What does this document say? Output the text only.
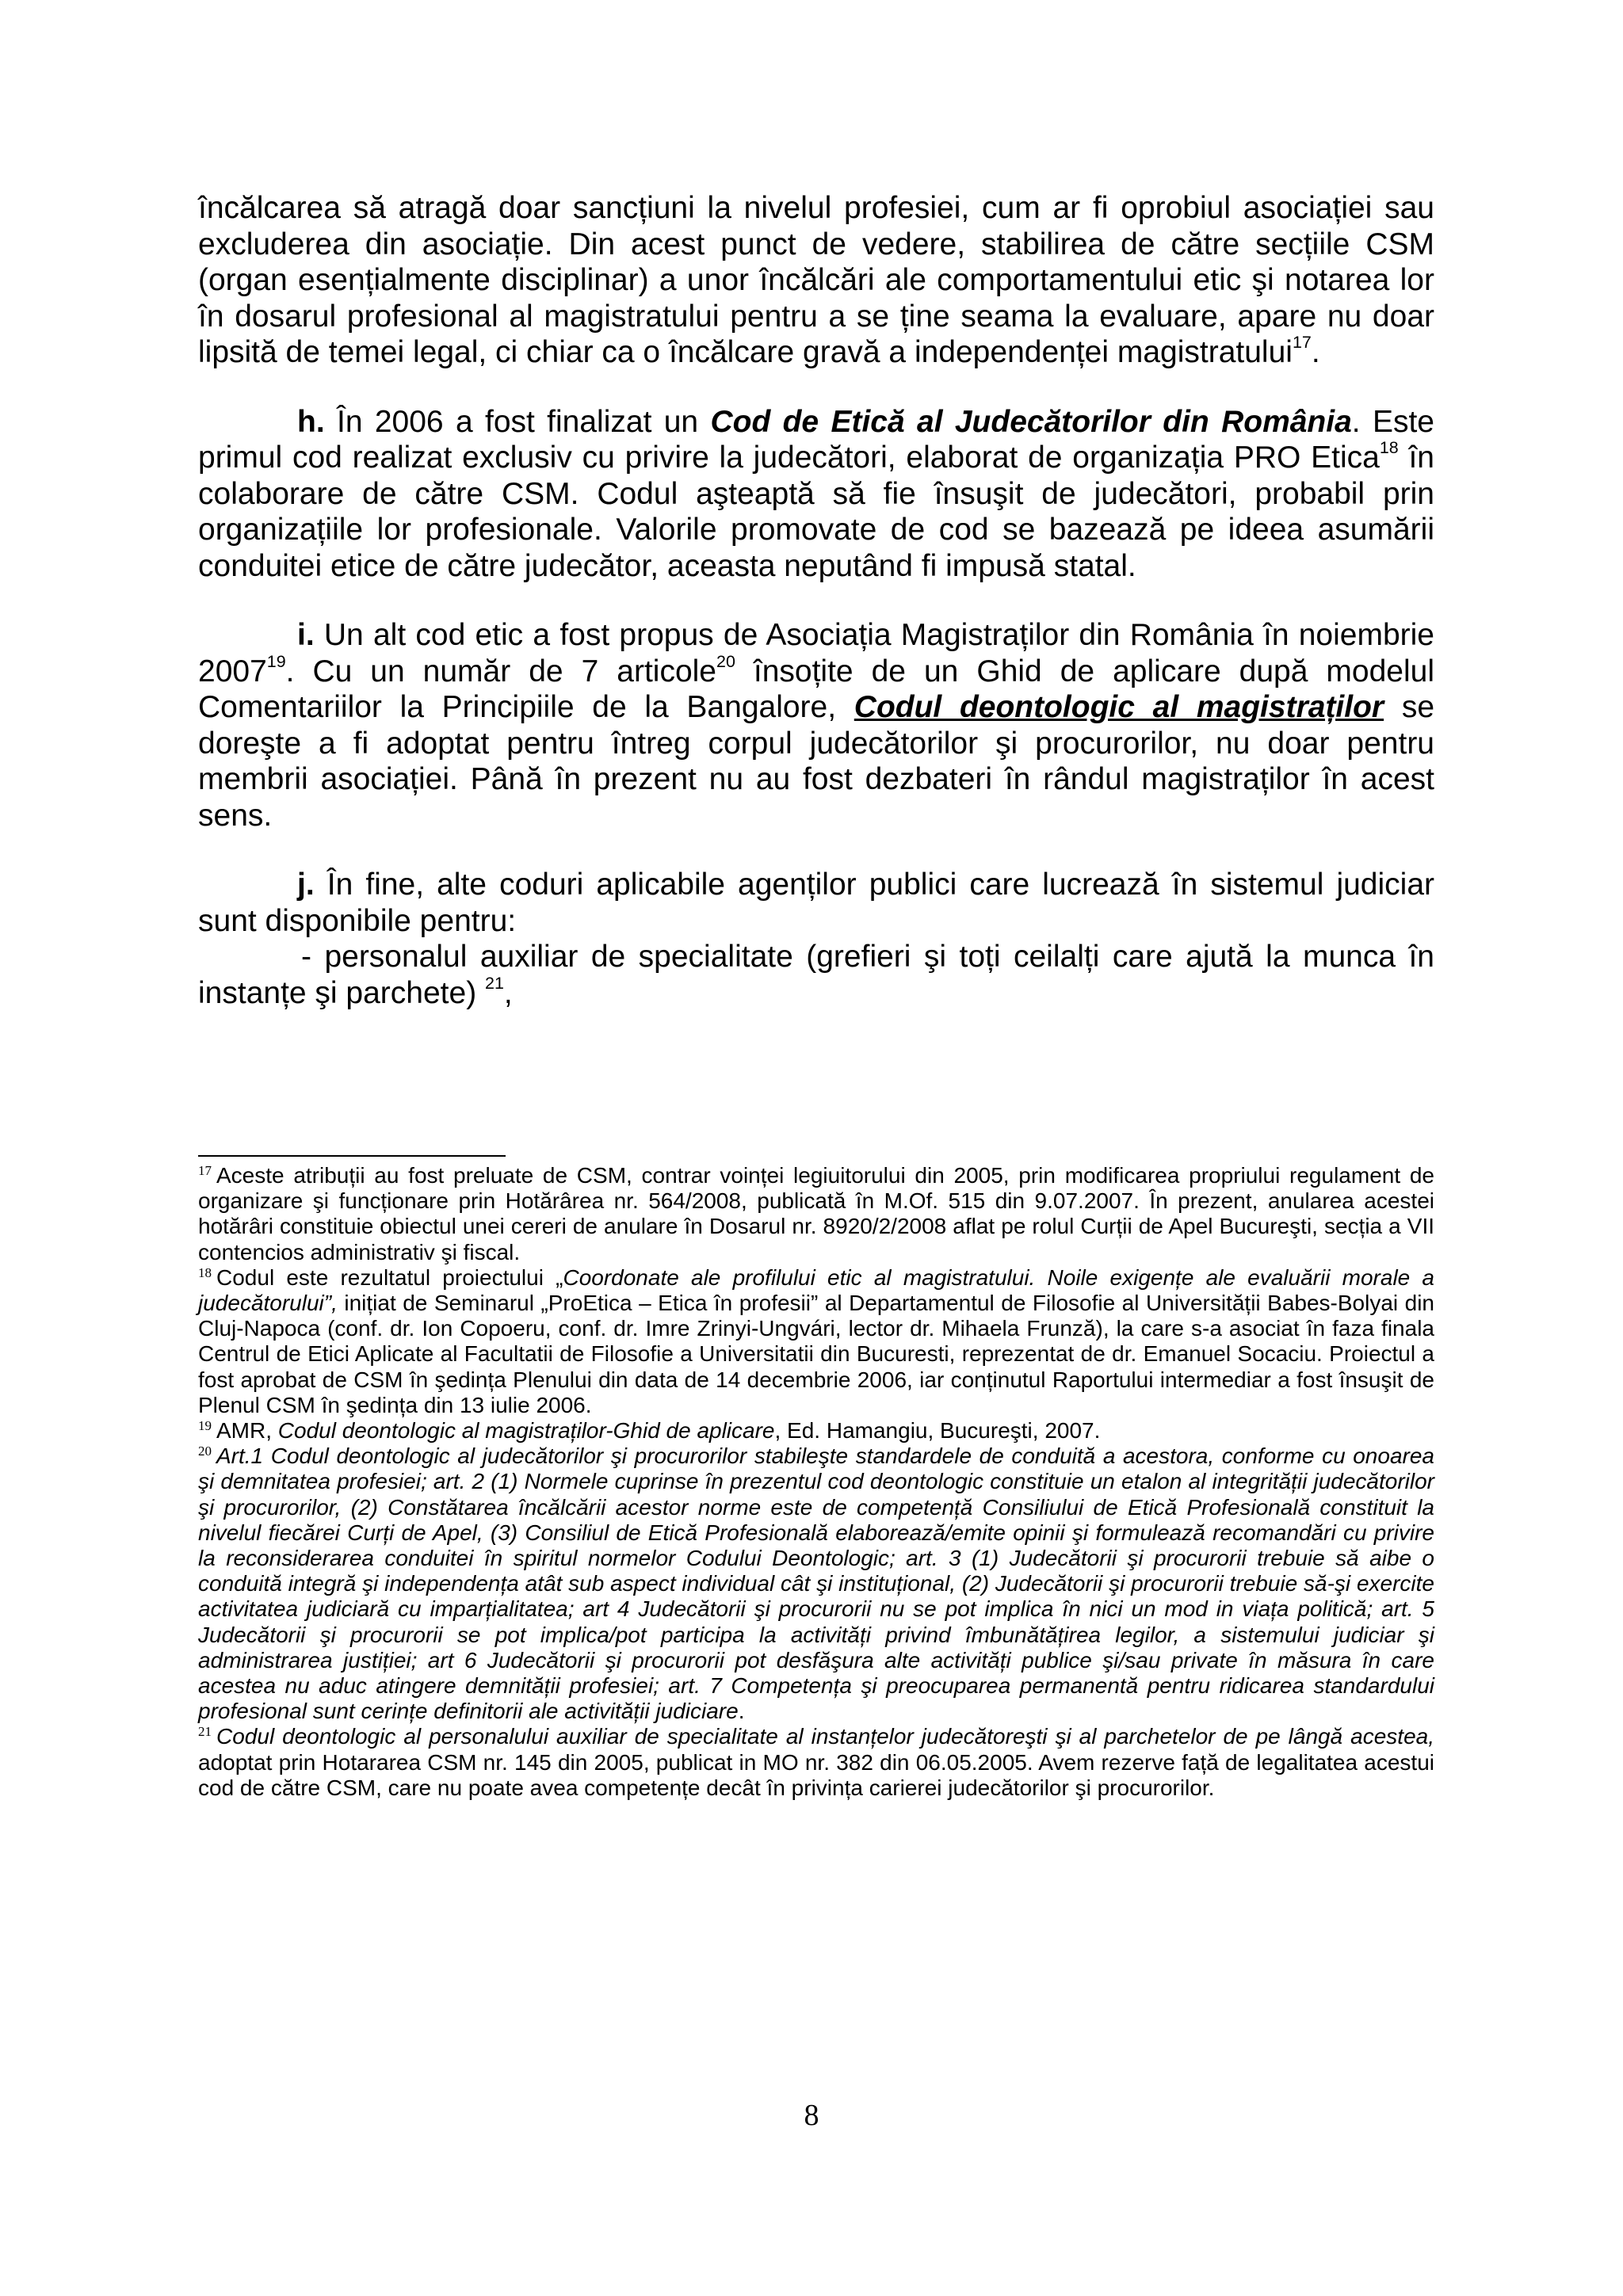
încălcarea să atragă doar sancțiuni la nivelul profesiei, cum ar fi oprobiul asociației sau excluderea din asociație. Din acest punct de vedere, stabilirea de către secțiile CSM (organ esențialmente disciplinar) a unor încălcări ale comportamentului etic şi notarea lor în dosarul profesional al magistratului pentru a se ține seama la evaluare, apare nu doar lipsită de temei legal, ci chiar ca o încălcare gravă a independenței magistratului$^{17}$.

h. În 2006 a fost finalizat un Cod de Etică al Judecătorilor din România. Este primul cod realizat exclusiv cu privire la judecători, elaborat de organizația PRO Etica$^{18}$ în colaborare de către CSM. Codul aşteaptă să fie însuşit de judecători, probabil prin organizațiile lor profesionale. Valorile promovate de cod se bazează pe ideea asumării conduitei etice de către judecător, aceasta neputând fi impusă statal.

i. Un alt cod etic a fost propus de Asociația Magistraților din România în noiembrie 2007$^{19}$. Cu un număr de 7 articole$^{20}$ însoțite de un Ghid de aplicare după modelul Comentariilor la Principiile de la Bangalore, Codul deontologic al magistraților se doreşte a fi adoptat pentru întreg corpul judecătorilor şi procurorilor, nu doar pentru membrii asociației. Până în prezent nu au fost dezbateri în rândul magistraților în acest sens.

j. În fine, alte coduri aplicabile agenților publici care lucrează în sistemul judiciar sunt disponibile pentru:

- personalul auxiliar de specialitate (grefieri şi toți ceilalți care ajută la munca în instanțe şi parchete) $^{21}$,

$^{17}$ Aceste atribuții au fost preluate de CSM, contrar voinței legiuitorului din 2005, prin modificarea propriului regulament de organizare şi funcționare prin Hotărârea nr. 564/2008, publicată în M.Of. 515 din 9.07.2007. În prezent, anularea acestei hotărâri constituie obiectul unei cereri de anulare în Dosarul nr. 8920/2/2008 aflat pe rolul Curții de Apel Bucureşti, secția a VII contencios administrativ şi fiscal.

$^{18}$ Codul este rezultatul proiectului „Coordonate ale profilului etic al magistratului. Noile exigențe ale evaluării morale a judecătorului”, inițiat de Seminarul „ProEtica – Etica în profesii” al Departamentul de Filosofie al Universității Babes-Bolyai din Cluj-Napoca (conf. dr. Ion Copoeru, conf. dr. Imre Zrinyi-Ungvári, lector dr. Mihaela Frunză), la care s-a asociat în faza finala Centrul de Etici Aplicate al Facultatii de Filosofie a Universitatii din Bucuresti, reprezentat de dr. Emanuel Socaciu. Proiectul a fost aprobat de CSM în şedința Plenului din data de 14 decembrie 2006, iar conținutul Raportului intermediar a fost însuşit de Plenul CSM în şedința din 13 iulie 2006.

$^{19}$ AMR, Codul deontologic al magistraților-Ghid de aplicare, Ed. Hamangiu, Bucureşti, 2007.

$^{20}$ Art.1 Codul deontologic al judecătorilor şi procurorilor stabileşte standardele de conduită a acestora, conforme cu onoarea şi demnitatea profesiei; art. 2 (1) Normele cuprinse în prezentul cod deontologic constituie un etalon al integrității judecătorilor şi procurorilor, (2) Constătarea încălcării acestor norme este de competență Consiliului de Etică Profesională constituit la nivelul fiecărei Curți de Apel, (3) Consiliul de Etică Profesională elaborează/emite opinii şi formulează recomandări cu privire la reconsiderarea conduitei în spiritul normelor Codului Deontologic; art. 3 (1) Judecătorii şi procurorii trebuie să aibe o conduită integră şi independența atât sub aspect individual cât şi instituțional, (2) Judecătorii şi procurorii trebuie să-şi exercite activitatea judiciară cu imparțialitatea; art 4 Judecătorii şi procurorii nu se pot implica în nici un mod in viața politică; art. 5 Judecătorii şi procurorii se pot implica/pot participa la activități privind îmbunătățirea legilor, a sistemului judiciar şi administrarea justiției; art 6 Judecătorii şi procurorii pot desfăşura alte activități publice şi/sau private în măsura în care acestea nu aduc atingere demnității profesiei; art. 7 Competența şi preocuparea permanentă pentru ridicarea standardului profesional sunt cerințe definitorii ale activității judiciare.

$^{21}$ Codul deontologic al personalului auxiliar de specialitate al instanțelor judecătoreşti şi al parchetelor de pe lângă acestea, adoptat prin Hotararea CSM nr. 145 din 2005, publicat in MO nr. 382 din 06.05.2005. Avem rezerve față de legalitatea acestui cod de către CSM, care nu poate avea competențe decât în privința carierei judecătorilor şi procurorilor.

8
